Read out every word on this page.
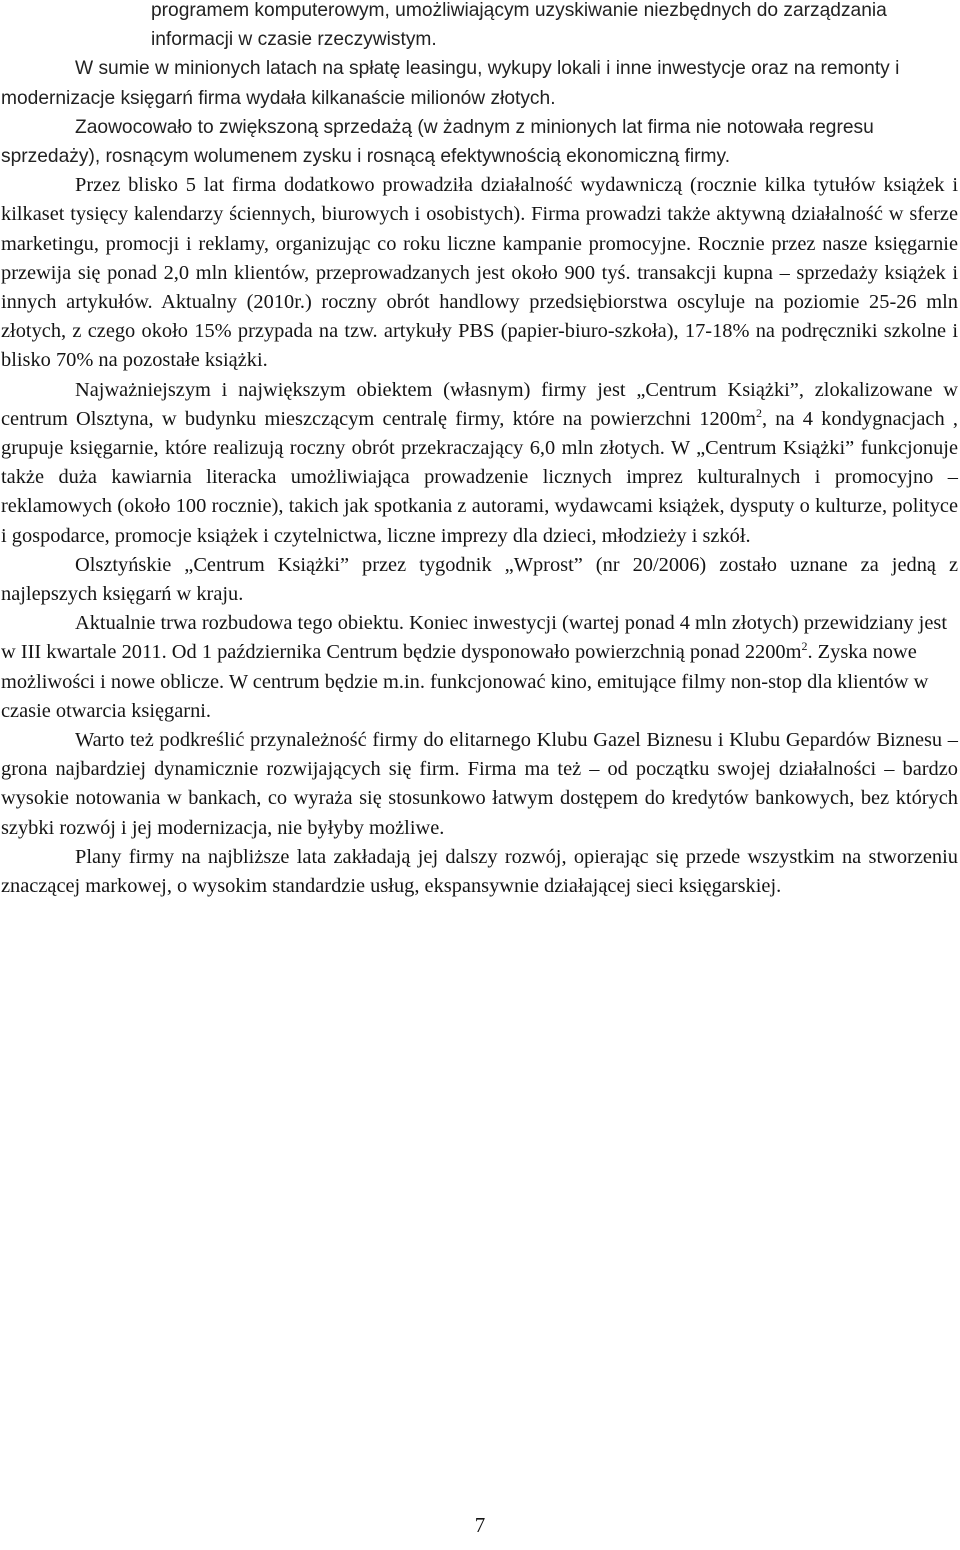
programem komputerowym, umożliwiającym uzyskiwanie niezbędnych do zarządzania informacji w czasie rzeczywistym.

W sumie w minionych latach na spłatę leasingu, wykupy lokali i inne inwestycje oraz na remonty i modernizacje księgarń firma wydała kilkanaście milionów złotych.

Zaowocowało to zwiększoną sprzedażą (w żadnym z minionych lat firma nie notowała regresu sprzedaży), rosnącym wolumenem zysku i rosnącą efektywnością ekonomiczną firmy.

Przez blisko 5 lat firma dodatkowo prowadziła działalność wydawniczą (rocznie kilka tytułów książek i kilkaset tysięcy kalendarzy ściennych, biurowych i osobistych). Firma prowadzi także aktywną działalność w sferze marketingu, promocji i reklamy, organizując co roku liczne kampanie promocyjne. Rocznie przez nasze księgarnie przewija się ponad 2,0 mln klientów, przeprowadzanych jest około 900 tyś. transakcji kupna – sprzedaży książek i innych artykułów. Aktualny (2010r.) roczny obrót handlowy przedsiębiorstwa oscyluje na poziomie 25-26 mln złotych, z czego około 15% przypada na tzw. artykuły PBS (papier-biuro-szkoła), 17-18% na podręczniki szkolne i blisko 70% na pozostałe książki.

Najważniejszym i największym obiektem (własnym) firmy jest „Centrum Książki”, zlokalizowane w centrum Olsztyna, w budynku mieszczącym centralę firmy, które na powierzchni $1200m^2$, na 4 kondygnacjach , grupuje księgarnie, które realizują roczny obrót przekraczający 6,0 mln złotych. W „Centrum Książki” funkcjonuje także duża kawiarnia literacka umożliwiająca prowadzenie licznych imprez kulturalnych i promocyjno – reklamowych (około 100 rocznie), takich jak spotkania z autorami, wydawcami książek, dysputy o kulturze, polityce i gospodarce, promocje książek i czytelnictwa, liczne imprezy dla dzieci, młodzieży i szkół.

Olsztyńskie „Centrum Książki” przez tygodnik „Wprost” (nr 20/2006) zostało uznane za jedną z najlepszych księgarń w kraju.

Aktualnie trwa rozbudowa tego obiektu. Koniec inwestycji (wartej ponad 4 mln złotych) przewidziany jest w III kwartale 2011. Od 1 października Centrum będzie dysponowało powierzchnią ponad $2200m^2$. Zyska nowe możliwości i nowe oblicze. W centrum będzie m.in. funkcjonować kino, emitujące filmy non-stop dla klientów w czasie otwarcia księgarni.

Warto też podkreślić przynależność firmy do elitarnego Klubu Gazel Biznesu i Klubu Gepardów Biznesu – grona najbardziej dynamicznie rozwijających się firm. Firma ma też – od początku swojej działalności – bardzo wysokie notowania w bankach, co wyraża się stosunkowo łatwym dostępem do kredytów bankowych, bez których szybki rozwój i jej modernizacja, nie byłyby możliwe.

Plany firmy na najbliższe lata zakładają jej dalszy rozwój, opierając się przede wszystkim na stworzeniu znaczącej markowej, o wysokim standardzie usług, ekspansywnie działającej sieci księgarskiej.

7
